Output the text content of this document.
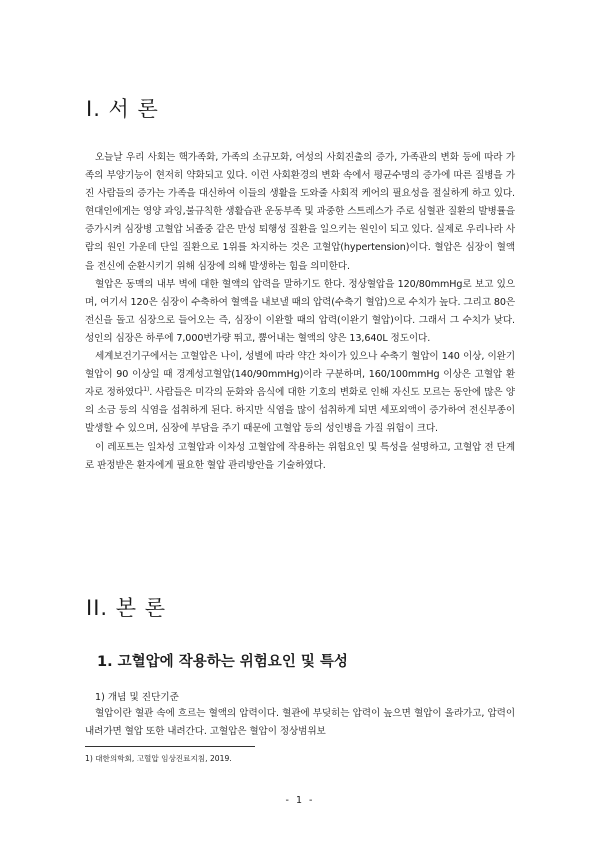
I. 서 론

오늘날 우리 사회는 핵가족화, 가족의 소규모화, 여성의 사회진출의 증가, 가족관의 변화 등에 따라 가족의 부양기능이 현저히 약화되고 있다. 이런 사회환경의 변화 속에서 평균수명의 증가에 따른 질병을 가진 사람들의 증가는 가족을 대신하여 이들의 생활을 도와줄 사회적 케어의 필요성을 절실하게 하고 있다. 현대인에게는 영양 과잉,불규칙한 생활습관 운동부족 및 과중한 스트레스가 주로 심혈관 질환의 발병률을 증가시켜 심장병 고혈압 뇌졸중 같은 만성 퇴행성 질환을 일으키는 원인이 되고 있다. 실제로 우리나라 사람의 원인 가운데 단일 질환으로 1위를 차지하는 것은 고혈압(hypertension)이다. 혈압은 심장이 혈액을 전신에 순환시키기 위해 심장에 의해 발생하는 힘을 의미한다.

혈압은 동맥의 내부 벽에 대한 혈액의 압력을 말하기도 한다. 정상혈압을 120/80mmHg로 보고 있으며, 여기서 120은 심장이 수축하여 혈액을 내보낼 때의 압력(수축기 혈압)으로 수치가 높다. 그리고 80은 전신을 돌고 심장으로 들어오는 즉, 심장이 이완할 때의 압력(이완기 혈압)이다. 그래서 그 수치가 낮다. 성인의 심장은 하루에 7,000번가량 뛰고, 뿜어내는 혈액의 양은 13,640L 정도이다.

세계보건기구에서는 고혈압은 나이, 성별에 따라 약간 차이가 있으나 수축기 혈압이 140 이상, 이완기 혈압이 90 이상일 때 경계성고혈압(140/90mmHg)이라 구분하며, 160/100mmHg 이상은 고혈압 환자로 정하였다$^{1)}$. 사람들은 미각의 둔화와 음식에 대한 기호의 변화로 인해 자신도 모르는 동안에 많은 양의 소금 등의 식염을 섭취하게 된다. 하지만 식염을 많이 섭취하게 되면 세포외액이 증가하여 전신부종이 발생할 수 있으며, 심장에 부담을 주기 때문에 고혈압 등의 성인병을 가질 위험이 크다.

이 레포트는 일차성 고혈압과 이차성 고혈압에 작용하는 위험요인 및 특성을 설명하고, 고혈압 전 단계로 판정받은 환자에게 필요한 혈압 관리방안을 기술하였다.

II. 본 론
1. 고혈압에 작용하는 위험요인 및 특성
1) 개념 및 진단기준

혈압이란 혈관 속에 흐르는 혈액의 압력이다. 혈관에 부딪히는 압력이 높으면 혈압이 올라가고, 압력이 내려가면 혈압 또한 내려간다. 고혈압은 혈압이 정상범위보

1) 대한의학회, 고혈압 임상진료지침, 2019.
- 1 -
